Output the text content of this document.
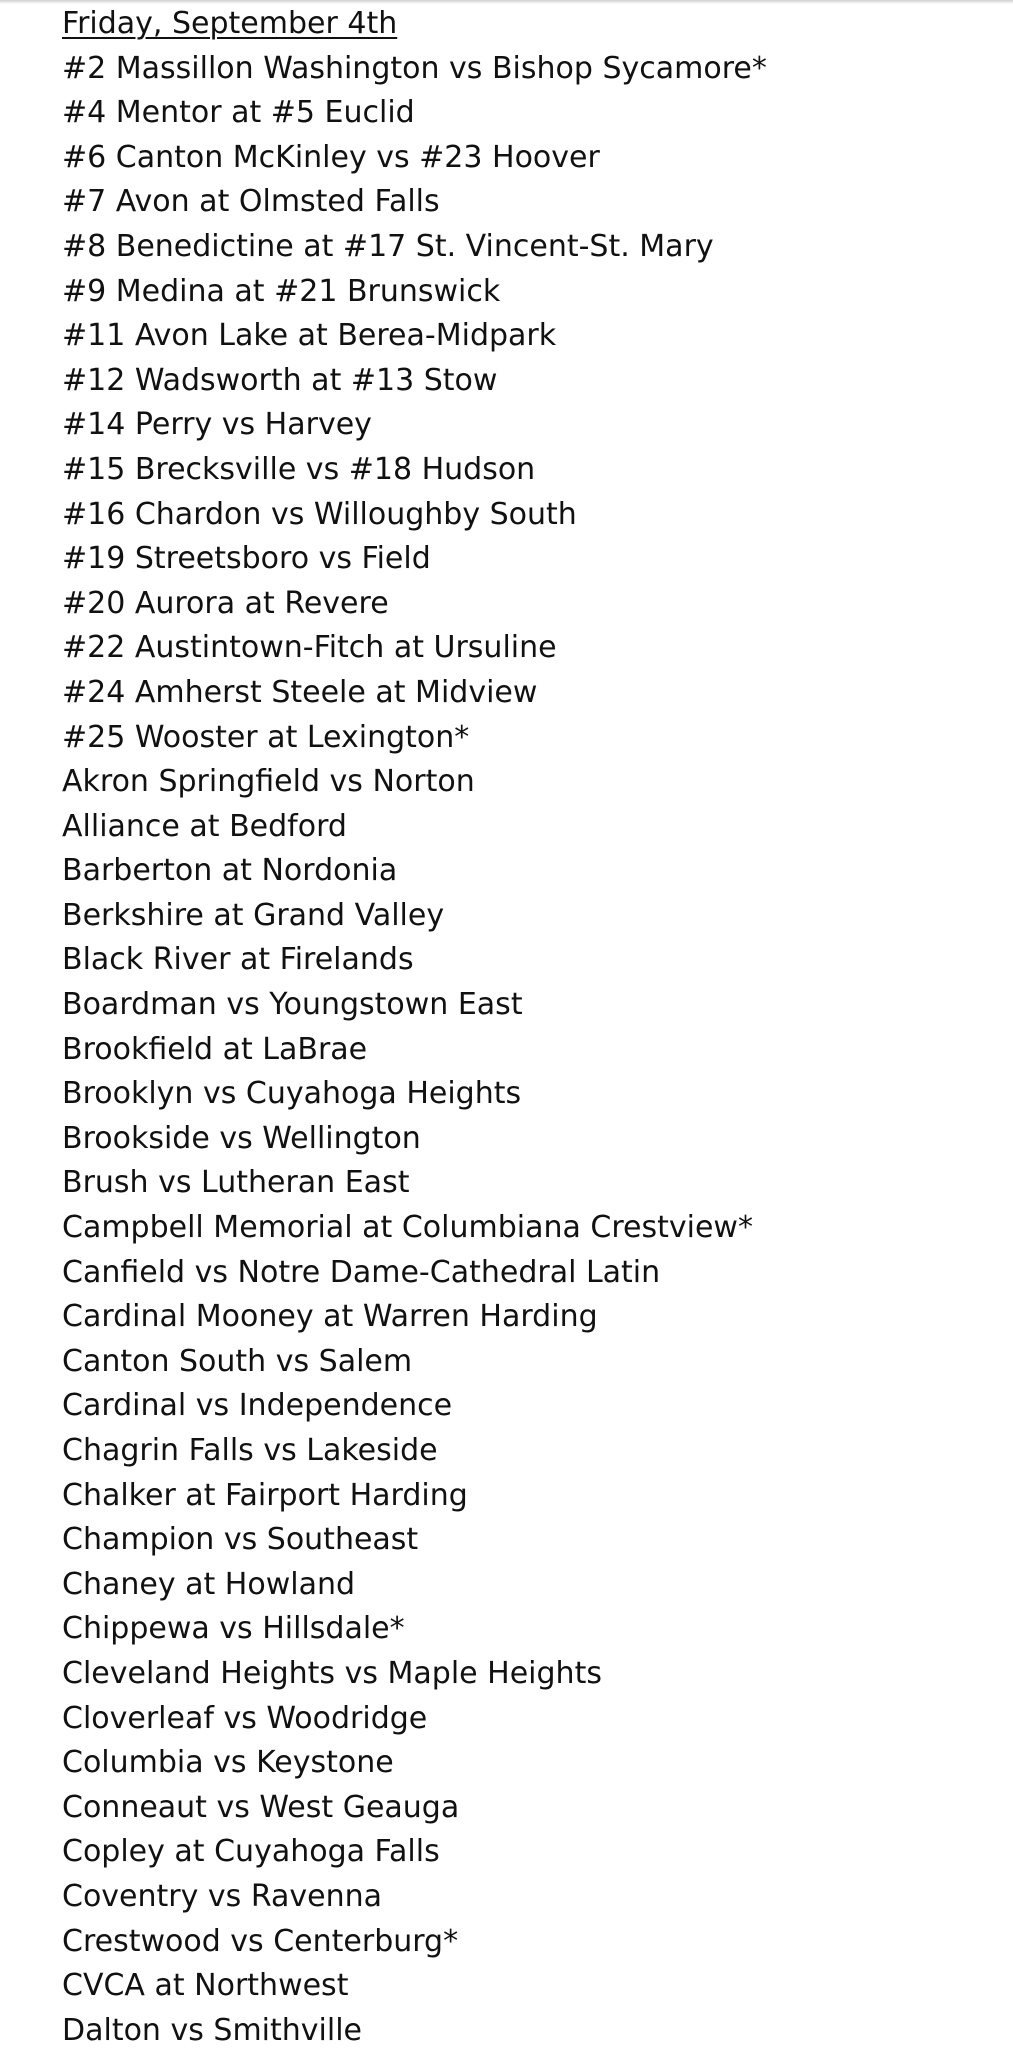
Friday, September 4th
#2 Massillon Washington vs Bishop Sycamore*
#4 Mentor at #5 Euclid
#6 Canton McKinley vs #23 Hoover
#7 Avon at Olmsted Falls
#8 Benedictine at #17 St. Vincent-St. Mary
#9 Medina at #21 Brunswick
#11 Avon Lake at Berea-Midpark
#12 Wadsworth at #13 Stow
#14 Perry vs Harvey
#15 Brecksville vs #18 Hudson
#16 Chardon vs Willoughby South
#19 Streetsboro vs Field
#20 Aurora at Revere
#22 Austintown-Fitch at Ursuline
#24 Amherst Steele at Midview
#25 Wooster at Lexington*
Akron Springfield vs Norton
Alliance at Bedford
Barberton at Nordonia
Berkshire at Grand Valley
Black River at Firelands
Boardman vs Youngstown East
Brookfield at LaBrae
Brooklyn vs Cuyahoga Heights
Brookside vs Wellington
Brush vs Lutheran East
Campbell Memorial at Columbiana Crestview*
Canfield vs Notre Dame-Cathedral Latin
Cardinal Mooney at Warren Harding
Canton South vs Salem
Cardinal vs Independence
Chagrin Falls vs Lakeside
Chalker at Fairport Harding
Champion vs Southeast
Chaney at Howland
Chippewa vs Hillsdale*
Cleveland Heights vs Maple Heights
Cloverleaf vs Woodridge
Columbia vs Keystone
Conneaut vs West Geauga
Copley at Cuyahoga Falls
Coventry vs Ravenna
Crestwood vs Centerburg*
CVCA at Northwest
Dalton vs Smithville
